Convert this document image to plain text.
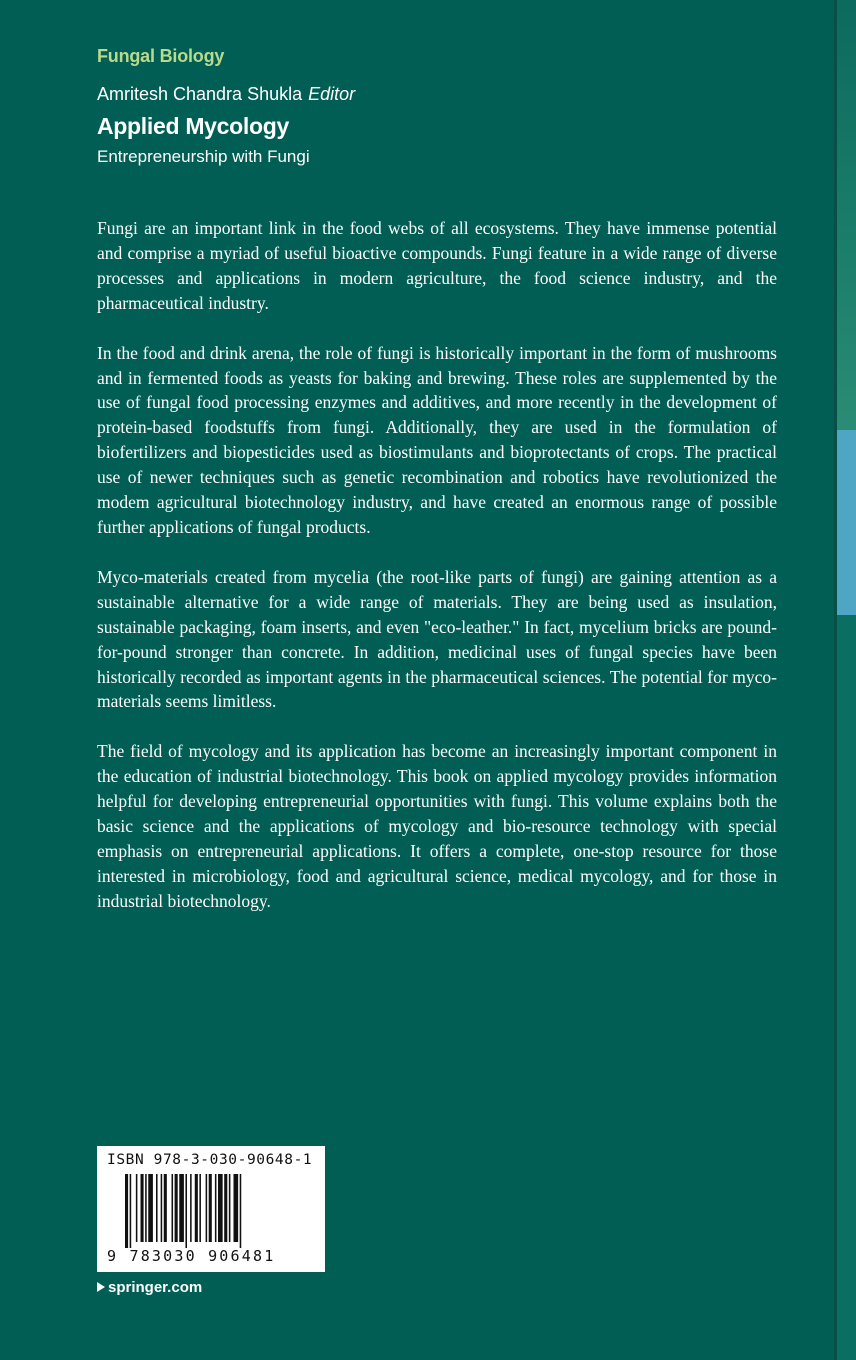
Fungal Biology

Amritesh Chandra Shukla Editor

Applied Mycology

Entrepreneurship with Fungi

Fungi are an important link in the food webs of all ecosystems. They have immense potential and comprise a myriad of useful bioactive compounds. Fungi feature in a wide range of diverse processes and applications in modern agriculture, the food science industry, and the pharmaceutical industry.

In the food and drink arena, the role of fungi is historically important in the form of mushrooms and in fermented foods as yeasts for baking and brewing. These roles are supplemented by the use of fungal food processing enzymes and additives, and more recently in the development of protein-based foodstuffs from fungi. Additionally, they are used in the formulation of biofertilizers and biopesticides used as biostimulants and bioprotectants of crops. The practical use of newer techniques such as genetic recombination and robotics have revolutionized the modem agricultural biotechnology industry, and have created an enormous range of possible further applications of fungal products.

Myco-materials created from mycelia (the root-like parts of fungi) are gaining attention as a sustainable alternative for a wide range of materials. They are being used as insulation, sustainable packaging, foam inserts, and even "eco-leather." In fact, mycelium bricks are pound-for-pound stronger than concrete. In addition, medicinal uses of fungal species have been historically recorded as important agents in the pharmaceutical sciences. The potential for myco-materials seems limitless.

The field of mycology and its application has become an increasingly important component in the education of industrial biotechnology. This book on applied mycology provides information helpful for developing entrepreneurial opportunities with fungi. This volume explains both the basic science and the applications of mycology and bio-resource technology with special emphasis on entrepreneurial applications. It offers a complete, one-stop resource for those interested in microbiology, food and agricultural science, medical mycology, and for those in industrial biotechnology.

ISBN 978-3-030-90648-1

9 783030 906481

springer.com
